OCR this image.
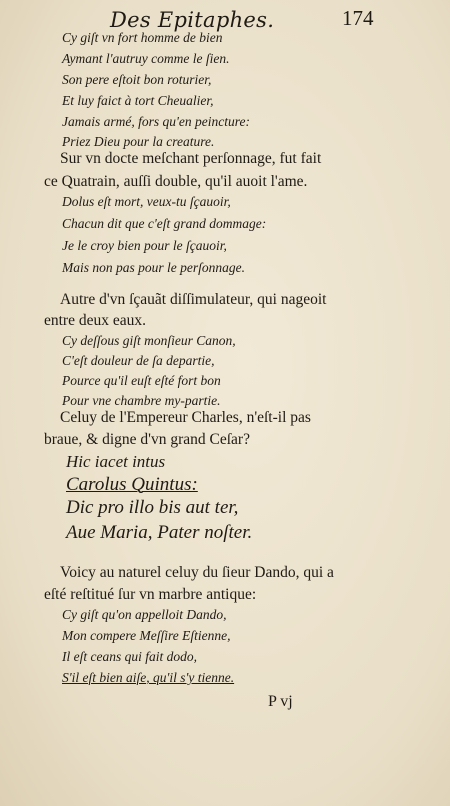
Des Epitaphes.	174
Cy giſt vn fort homme de bien
Aymant l'autruy comme le ſien.
Son pere eſtoit bon roturier,
Et luy faict à tort Cheualier,
Jamais armé, fors qu'en peincture:
Priez Dieu pour la creature.
Sur vn docte meſchant perſonnage, fut fait
ce Quatrain, auſſi double, qu'il auoit l'ame.
Dolus eſt mort, veux-tu ſçauoir,
Chacun dit que c'eſt grand dommage:
Je le croy bien pour le ſçauoir,
Mais non pas pour le perſonnage.
Autre d'vn ſçauãt diſſimulateur, qui nageoit
entre deux eaux.
Cy deſſous giſt monſieur Canon,
C'eſt douleur de ſa departie,
Pource qu'il euſt eſté fort bon
Pour vne chambre my-partie.
Celuy de l'Empereur Charles, n'eſt-il pas
braue, & digne d'vn grand Ceſar?
Hic iacet intus
Carolus Quintus:
Dic pro illo bis aut ter,
Aue Maria, Pater noſter.
Voicy au naturel celuy du ſieur Dando, qui a
eſté reſtitué ſur vn marbre antique:
Cy giſt qu'on appelloit Dando,
Mon compere Meſſire Eſtienne,
Il eſt ceans qui fait dodo,
S'il eſt bien aiſe, qu'il s'y tienne.
P vj
